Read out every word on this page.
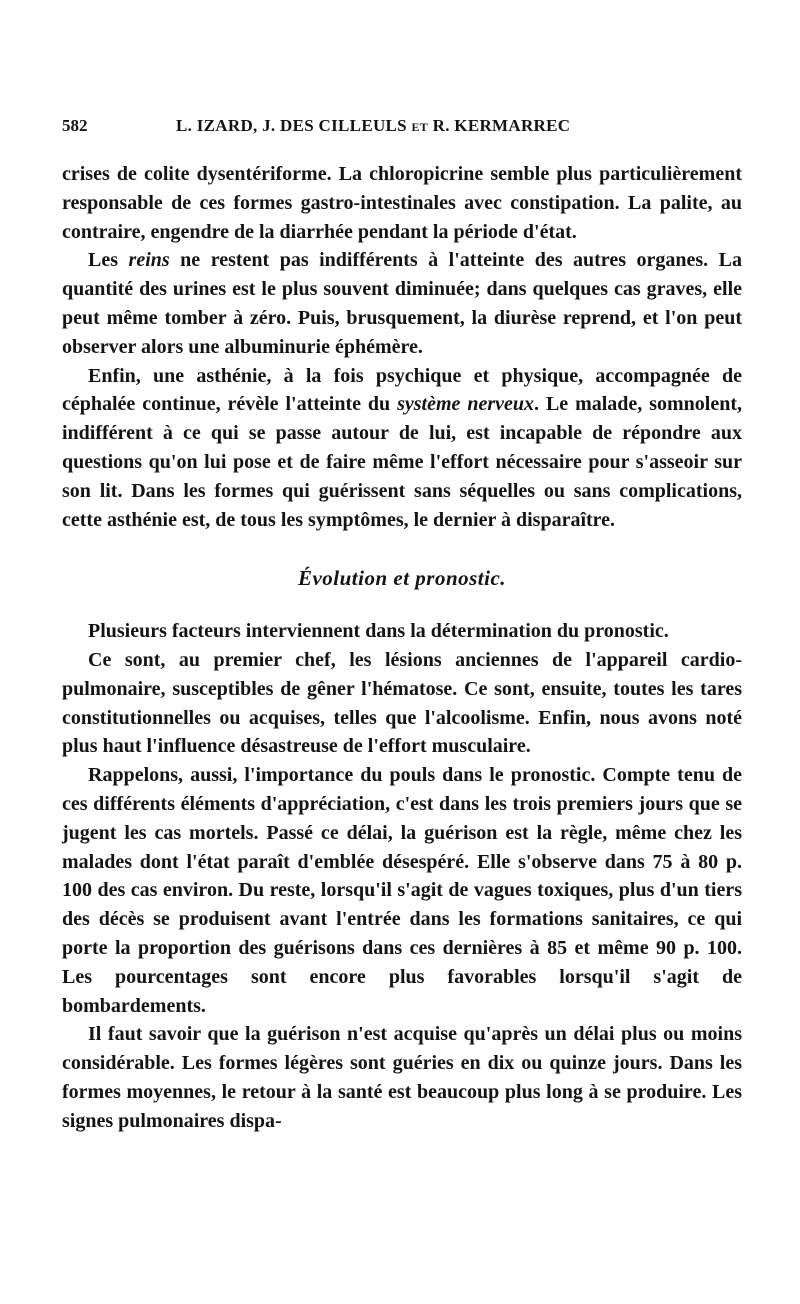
582	L. IZARD, J. DES CILLEULS et R. KERMARREC

crises de colite dysentériforme. La chloropicrine semble plus particulièrement responsable de ces formes gastro-intestinales avec constipation. La palite, au contraire, engendre de la diarrhée pendant la période d'état.

Les reins ne restent pas indifférents à l'atteinte des autres organes. La quantité des urines est le plus souvent diminuée; dans quelques cas graves, elle peut même tomber à zéro. Puis, brusquement, la diurèse reprend, et l'on peut observer alors une albuminurie éphémère.

Enfin, une asthénie, à la fois psychique et physique, accompagnée de céphalée continue, révèle l'atteinte du système nerveux. Le malade, somnolent, indifférent à ce qui se passe autour de lui, est incapable de répondre aux questions qu'on lui pose et de faire même l'effort nécessaire pour s'asseoir sur son lit. Dans les formes qui guérissent sans séquelles ou sans complications, cette asthénie est, de tous les symptômes, le dernier à disparaître.

Évolution et pronostic.

Plusieurs facteurs interviennent dans la détermination du pronostic.

Ce sont, au premier chef, les lésions anciennes de l'appareil cardio-pulmonaire, susceptibles de gêner l'hématose. Ce sont, ensuite, toutes les tares constitutionnelles ou acquises, telles que l'alcoolisme. Enfin, nous avons noté plus haut l'influence désastreuse de l'effort musculaire.

Rappelons, aussi, l'importance du pouls dans le pronostic. Compte tenu de ces différents éléments d'appréciation, c'est dans les trois premiers jours que se jugent les cas mortels. Passé ce délai, la guérison est la règle, même chez les malades dont l'état paraît d'emblée désespéré. Elle s'observe dans 75 à 80 p. 100 des cas environ. Du reste, lorsqu'il s'agit de vagues toxiques, plus d'un tiers des décès se produisent avant l'entrée dans les formations sanitaires, ce qui porte la proportion des guérisons dans ces dernières à 85 et même 90 p. 100. Les pourcentages sont encore plus favorables lorsqu'il s'agit de bombardements.

Il faut savoir que la guérison n'est acquise qu'après un délai plus ou moins considérable. Les formes légères sont guéries en dix ou quinze jours. Dans les formes moyennes, le retour à la santé est beaucoup plus long à se produire. Les signes pulmonaires dispa-
